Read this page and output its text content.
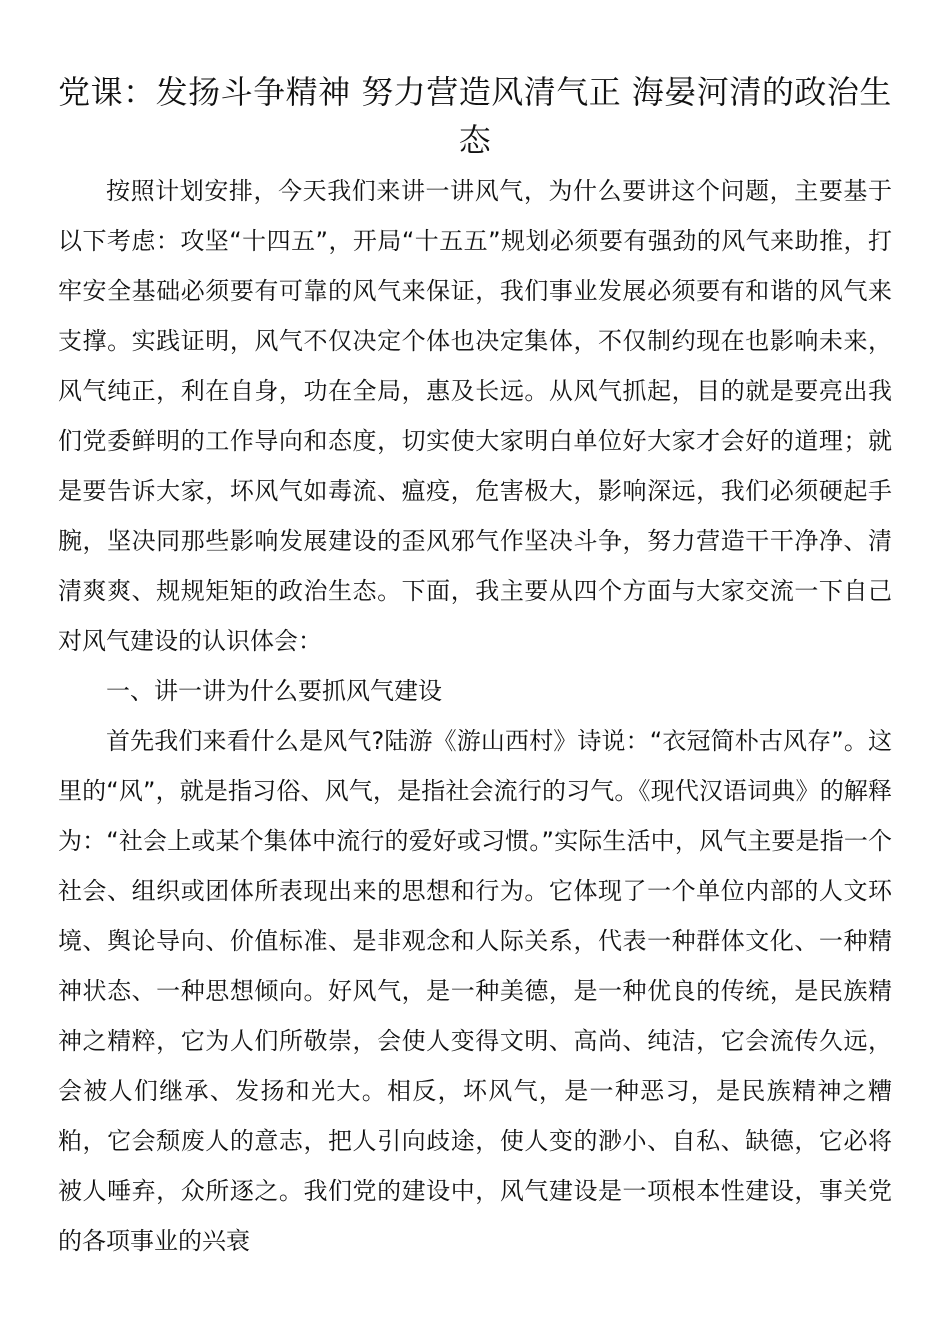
党课：发扬斗争精神 努力营造风清气正 海晏河清的政治生态

按照计划安排，今天我们来讲一讲风气，为什么要讲这个问题，主要基于以下考虑：攻坚“十四五”，开局“十五五”规划必须要有强劲的风气来助推，打牢安全基础必须要有可靠的风气来保证，我们事业发展必须要有和谐的风气来支撑。实践证明，风气不仅决定个体也决定集体，不仅制约现在也影响未来，风气纯正，利在自身，功在全局，惠及长远。从风气抓起，目的就是要亮出我们党委鲜明的工作导向和态度，切实使大家明白单位好大家才会好的道理；就是要告诉大家，坏风气如毒流、瘟疫，危害极大，影响深远，我们必须硬起手腕，坚决同那些影响发展建设的歪风邪气作坚决斗争，努力营造干干净净、清清爽爽、规规矩矩的政治生态。下面，我主要从四个方面与大家交流一下自己对风气建设的认识体会：

一、讲一讲为什么要抓风气建设

首先我们来看什么是风气?陆游《游山西村》诗说：“衣冠简朴古风存”。这里的“风”，就是指习俗、风气，是指社会流行的习气。《现代汉语词典》的解释为：“社会上或某个集体中流行的爱好或习惯。”实际生活中，风气主要是指一个社会、组织或团体所表现出来的思想和行为。它体现了一个单位内部的人文环境、舆论导向、价值标准、是非观念和人际关系，代表一种群体文化、一种精神状态、一种思想倾向。好风气，是一种美德，是一种优良的传统，是民族精神之精粹，它为人们所敬崇，会使人变得文明、高尚、纯洁，它会流传久远，会被人们继承、发扬和光大。相反，坏风气，是一种恶习，是民族精神之糟粕，它会颓废人的意志，把人引向歧途，使人变的渺小、自私、缺德，它必将被人唾弃，众所逐之。我们党的建设中，风气建设是一项根本性建设，事关党的各项事业的兴衰
